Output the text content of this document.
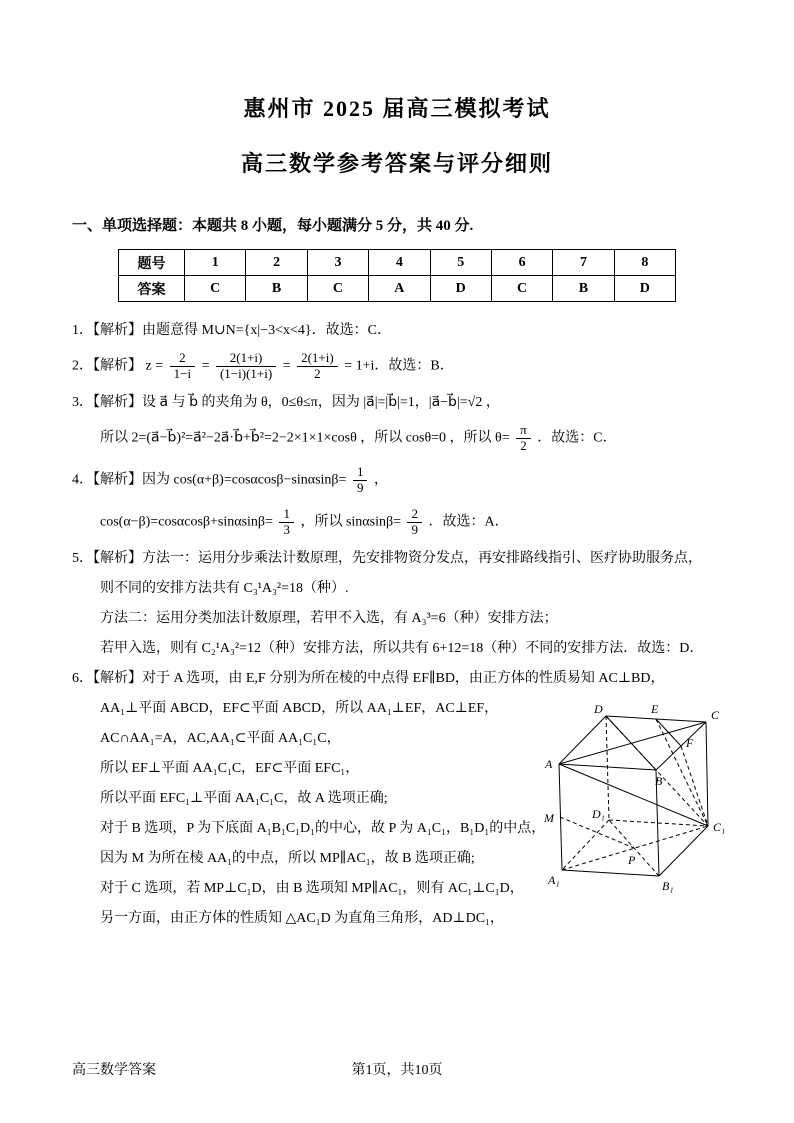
惠州市 2025 届高三模拟考试
高三数学参考答案与评分细则
一、单项选择题：本题共 8 小题，每小题满分 5 分，共 40 分.
题号	1	2	3	4	5	6	7	8
答案	C	B	C	A	D	C	B	D

1．【解析】由题意得 M∪N={x|−3<x<4}．故选：C．

2．【解析】 $z = \frac{2}{1-i} = \frac{2(1+i)}{(1-i)(1+i)} = \frac{2(1+i)}{2} = 1+i$．故选：B．

3．【解析】设 a⃗ 与 b⃗ 的夹角为 θ，0≤θ≤π，因为 |a⃗|=|b⃗|=1，|a⃗−b⃗|=√2 ，

所以 2=(a⃗−b⃗)²=a⃗²−2a⃗·b⃗+b⃗²=2−2×1×1×cosθ ，所以 cosθ=0 ，所以 $\theta= \frac{\pi}{2}$ ．故选：C．

4．【解析】因为 $\cos(\alpha+\beta)=\cos\alpha\cos\beta-\sin\alpha\sin\beta= \frac{1}{9}$ ，

$\cos(\alpha-\beta)=\cos\alpha\cos\beta+\sin\alpha\sin\beta= \frac{1}{3}$ ，所以 $\sin\alpha\sin\beta= \frac{2}{9}$ ．故选：A．

5．【解析】方法一：运用分步乘法计数原理，先安排物资分发点，再安排路线指引、医疗协助服务点，

则不同的安排方法共有 C₃¹A₃²=18（种）.

方法二：运用分类加法计数原理，若甲不入选，有 A₃³=6（种）安排方法；

若甲入选，则有 C₂¹A₃²=12（种）安排方法，所以共有 6+12=18（种）不同的安排方法．故选：D．

6．【解析】对于 A 选项，由 E,F 分别为所在棱的中点得 EF∥BD，由正方体的性质易知 AC⊥BD，

AA₁⊥平面 ABCD，EF⊂平面 ABCD，所以 AA₁⊥EF，AC⊥EF，

AC∩AA₁=A，AC,AA₁⊂平面 AA₁C₁C，

所以 EF⊥平面 AA₁C₁C，EF⊂平面 EFC₁，

所以平面 EFC₁⊥平面 AA₁C₁C，故 A 选项正确;

对于 B 选项，P 为下底面 A₁B₁C₁D₁的中心，故 P 为 A₁C₁，B₁D₁的中点，

因为 M 为所在棱 AA₁的中点，所以 MP∥AC₁，故 B 选项正确;

对于 C 选项，若 MP⊥C₁D，由 B 选项知 MP∥AC₁，则有 AC₁⊥C₁D，

另一方面，由正方体的性质知 △AC₁D 为直角三角形，AD⊥DC₁，

D	E	C
A
B
F
M	D₁
C₁
P
A₁	B₁
第1页，共10页
高三数学答案
